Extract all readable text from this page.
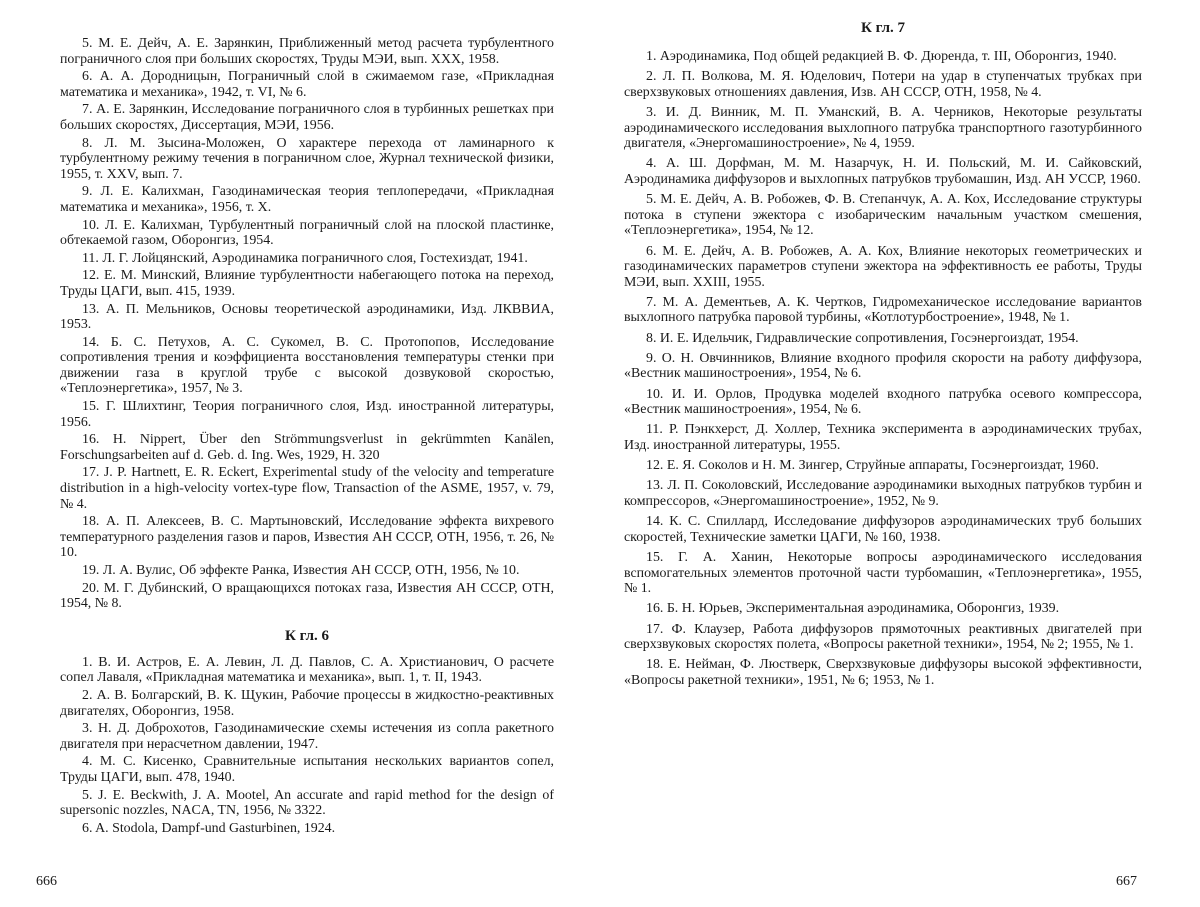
5. М. Е. Дейч, А. Е. Зарянкин, Приближенный метод расчета турбулентного пограничного слоя при больших скоростях, Труды МЭИ, вып. XXX, 1958.

6. А. А. Дородницын, Пограничный слой в сжимаемом газе, «Прикладная математика и механика», 1942, т. VI, № 6.

7. А. Е. Зарянкин, Исследование пограничного слоя в турбинных решетках при больших скоростях, Диссертация, МЭИ, 1956.

8. Л. М. Зысина-Моложен, О характере перехода от ламинарного к турбулентному режиму течения в пограничном слое, Журнал технической физики, 1955, т. XXV, вып. 7.

9. Л. Е. Калихман, Газодинамическая теория теплопередачи, «Прикладная математика и механика», 1956, т. X.

10. Л. Е. Калихман, Турбулентный пограничный слой на плоской пластинке, обтекаемой газом, Оборонгиз, 1954.

11. Л. Г. Лойцянский, Аэродинамика пограничного слоя, Гостехиздат, 1941.

12. Е. М. Минский, Влияние турбулентности набегающего потока на переход, Труды ЦАГИ, вып. 415, 1939.

13. А. П. Мельников, Основы теоретической аэродинамики, Изд. ЛКВВИА, 1953.

14. Б. С. Петухов, А. С. Сукомел, В. С. Протопопов, Исследование сопротивления трения и коэффициента восстановления температуры стенки при движении газа в круглой трубе с высокой дозвуковой скоростью, «Теплоэнергетика», 1957, № 3.

15. Г. Шлихтинг, Теория пограничного слоя, Изд. иностранной литературы, 1956.

16. H. Nippert, Über den Strömmungsverlust in gekrümmten Kanälen, Forschungsarbeiten auf d. Geb. d. Ing. Wes, 1929, H. 320

17. J. P. Hartnett, E. R. Eckert, Experimental study of the velocity and temperature distribution in a high-velocity vortex-type flow, Transaction of the ASME, 1957, v. 79, № 4.

18. А. П. Алексеев, В. С. Мартыновский, Исследование эффекта вихревого температурного разделения газов и паров, Известия АН СССР, ОТН, 1956, т. 26, № 10.

19. Л. А. Вулис, Об эффекте Ранка, Известия АН СССР, ОТН, 1956, № 10.

20. М. Г. Дубинский, О вращающихся потоках газа, Известия АН СССР, ОТН, 1954, № 8.

К гл. 6

1. В. И. Астров, Е. А. Левин, Л. Д. Павлов, С. А. Христианович, О расчете сопел Лаваля, «Прикладная математика и механика», вып. 1, т. II, 1943.

2. А. В. Болгарский, В. К. Щукин, Рабочие процессы в жидкостно-реактивных двигателях, Оборонгиз, 1958.

3. Н. Д. Доброхотов, Газодинамические схемы истечения из сопла ракетного двигателя при нерасчетном давлении, 1947.

4. М. С. Кисенко, Сравнительные испытания нескольких вариантов сопел, Труды ЦАГИ, вып. 478, 1940.

5. J. E. Beckwith, J. A. Mootel, An accurate and rapid method for the design of supersonic nozzles, NACA, TN, 1956, № 3322.

6. A. Stodola, Dampf-und Gasturbinen, 1924.

666
К гл. 7

1. Аэродинамика, Под общей редакцией В. Ф. Дюренда, т. III, Оборонгиз, 1940.

2. Л. П. Волкова, М. Я. Юделович, Потери на удар в ступенчатых трубках при сверхзвуковых отношениях давления, Изв. АН СССР, ОТН, 1958, № 4.

3. И. Д. Винник, М. П. Уманский, В. А. Черников, Некоторые результаты аэродинамического исследования выхлопного патрубка транспортного газотурбинного двигателя, «Энергомашиностроение», № 4, 1959.

4. А. Ш. Дорфман, М. М. Назарчук, Н. И. Польский, М. И. Сайковский, Аэродинамика диффузоров и выхлопных патрубков трубомашин, Изд. АН УССР, 1960.

5. М. Е. Дейч, А. В. Робожев, Ф. В. Степанчук, А. А. Кох, Исследование структуры потока в ступени эжектора с изобарическим начальным участком смешения, «Теплоэнергетика», 1954, № 12.

6. М. Е. Дейч, А. В. Робожев, А. А. Кох, Влияние некоторых геометрических и газодинамических параметров ступени эжектора на эффективность ее работы, Труды МЭИ, вып. XXIII, 1955.

7. М. А. Дементьев, А. К. Чертков, Гидромеханическое исследование вариантов выхлопного патрубка паровой турбины, «Котлотурбостроение», 1948, № 1.

8. И. Е. Идельчик, Гидравлические сопротивления, Госэнергоиздат, 1954.

9. О. Н. Овчинников, Влияние входного профиля скорости на работу диффузора, «Вестник машиностроения», 1954, № 6.

10. И. И. Орлов, Продувка моделей входного патрубка осевого компрессора, «Вестник машиностроения», 1954, № 6.

11. Р. Пэнкхерст, Д. Холлер, Техника эксперимента в аэродинамических трубах, Изд. иностранной литературы, 1955.

12. Е. Я. Соколов и Н. М. Зингер, Струйные аппараты, Госэнергоиздат, 1960.

13. Л. П. Соколовский, Исследование аэродинамики выходных патрубков турбин и компрессоров, «Энергомашиностроение», 1952, № 9.

14. К. С. Спиллард, Исследование диффузоров аэродинамических труб больших скоростей, Технические заметки ЦАГИ, № 160, 1938.

15. Г. А. Ханин, Некоторые вопросы аэродинамического исследования вспомогательных элементов проточной части турбомашин, «Теплоэнергетика», 1955, № 1.

16. Б. Н. Юрьев, Экспериментальная аэродинамика, Оборонгиз, 1939.

17. Ф. Клаузер, Работа диффузоров прямоточных реактивных двигателей при сверхзвуковых скоростях полета, «Вопросы ракетной техники», 1954, № 2; 1955, № 1.

18. Е. Нейман, Ф. Люстверк, Сверхзвуковые диффузоры высокой эффективности, «Вопросы ракетной техники», 1951, № 6; 1953, № 1.

667
